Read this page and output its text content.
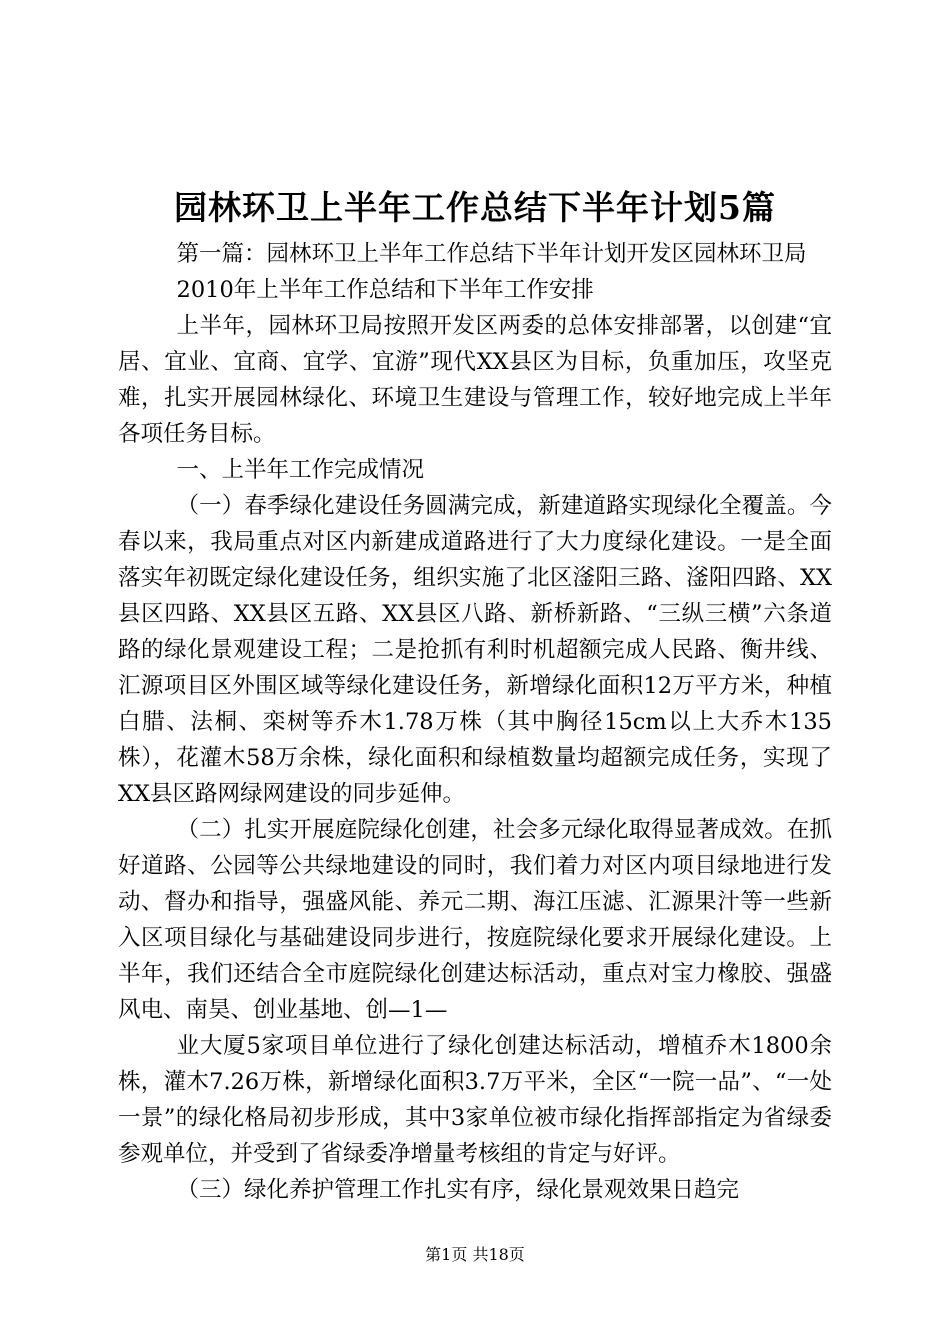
园林环卫上半年工作总结下半年计划5篇

第一篇：园林环卫上半年工作总结下半年计划开发区园林环卫局

2010年上半年工作总结和下半年工作安排

上半年，园林环卫局按照开发区两委的总体安排部署，以创建“宜居、宜业、宜商、宜学、宜游”现代XX县区为目标，负重加压，攻坚克难，扎实开展园林绿化、环境卫生建设与管理工作，较好地完成上半年各项任务目标。

一、上半年工作完成情况

（一）春季绿化建设任务圆满完成，新建道路实现绿化全覆盖。今春以来，我局重点对区内新建成道路进行了大力度绿化建设。一是全面落实年初既定绿化建设任务，组织实施了北区滏阳三路、滏阳四路、XX县区四路、XX县区五路、XX县区八路、新桥新路、“三纵三横”六条道路的绿化景观建设工程；二是抢抓有利时机超额完成人民路、衡井线、汇源项目区外围区域等绿化建设任务，新增绿化面积12万平方米，种植白腊、法桐、栾树等乔木1.78万株（其中胸径15cm以上大乔木135株），花灌木58万余株，绿化面积和绿植数量均超额完成任务，实现了XX县区路网绿网建设的同步延伸。

（二）扎实开展庭院绿化创建，社会多元绿化取得显著成效。在抓好道路、公园等公共绿地建设的同时，我们着力对区内项目绿地进行发动、督办和指导，强盛风能、养元二期、海江压滤、汇源果汁等一些新入区项目绿化与基础建设同步进行，按庭院绿化要求开展绿化建设。上半年，我们还结合全市庭院绿化创建达标活动，重点对宝力橡胶、强盛风电、南昊、创业基地、创—1—

业大厦5家项目单位进行了绿化创建达标活动，增植乔木1800余株，灌木7.26万株，新增绿化面积3.7万平米，全区“一院一品”、“一处一景”的绿化格局初步形成，其中3家单位被市绿化指挥部指定为省绿委参观单位，并受到了省绿委净增量考核组的肯定与好评。

（三）绿化养护管理工作扎实有序，绿化景观效果日趋完

第1页 共18页
